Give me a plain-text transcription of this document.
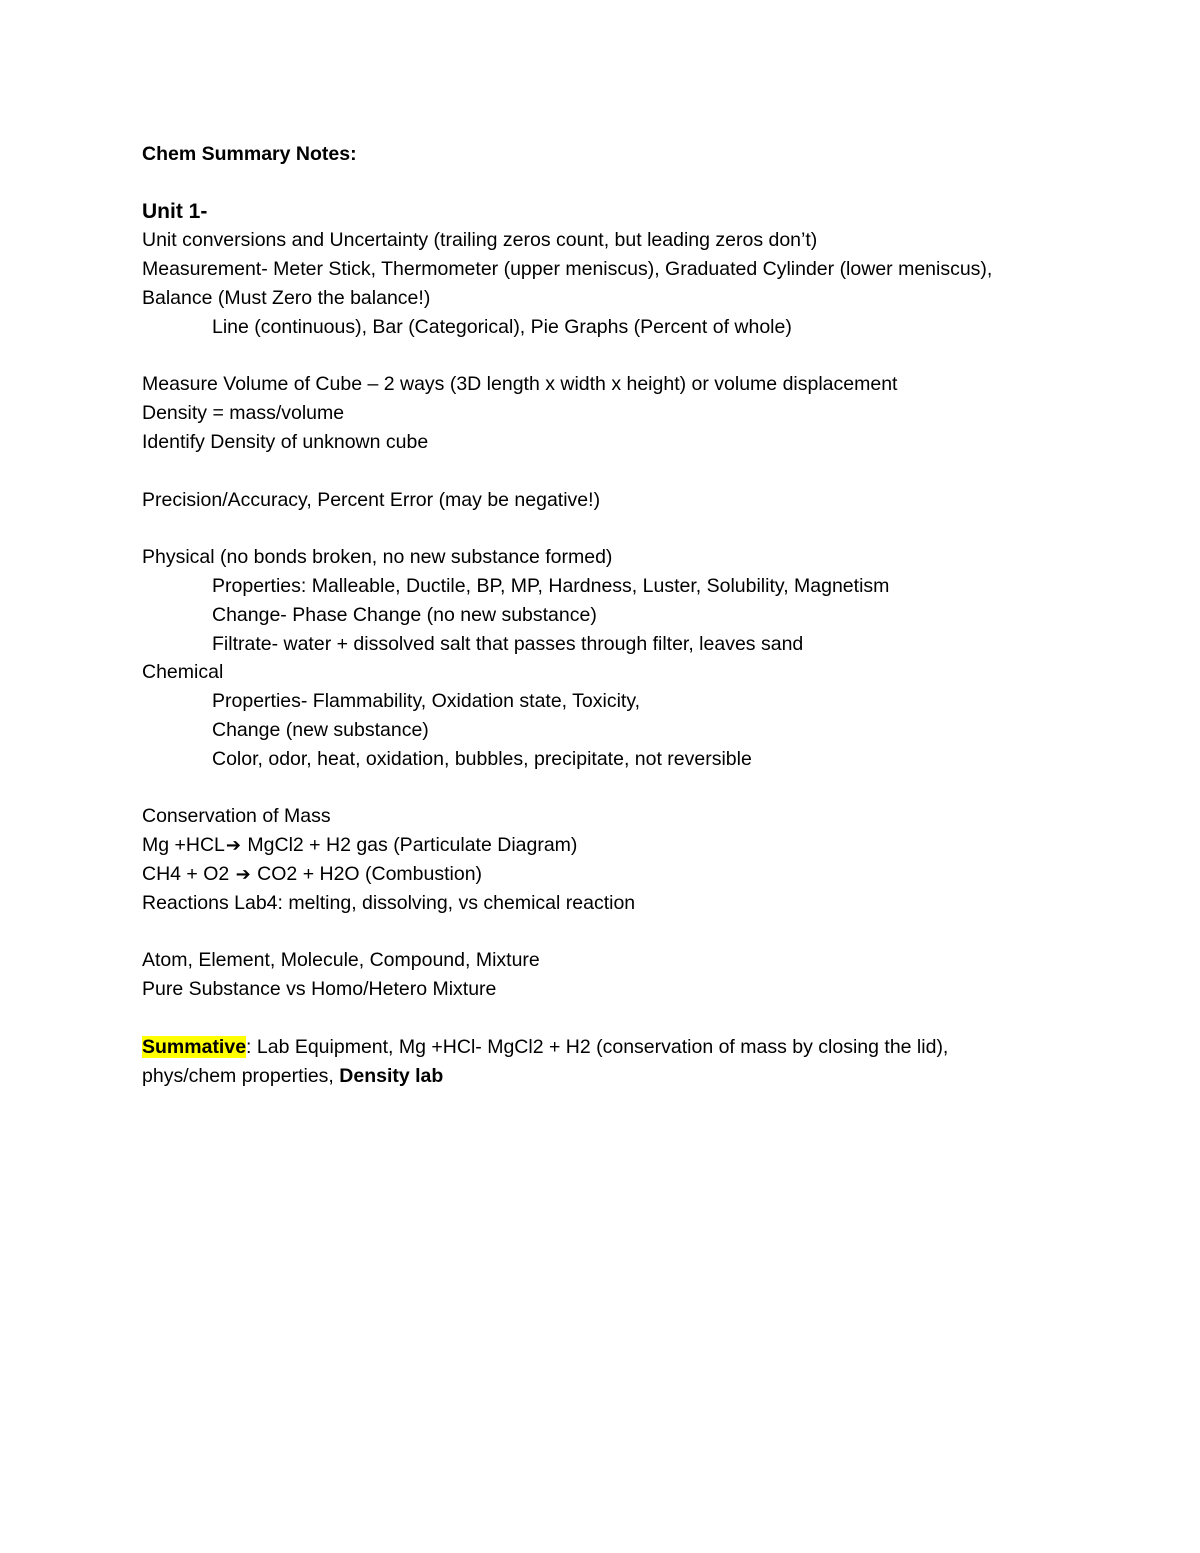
Chem Summary Notes:
Unit 1-
Unit conversions and Uncertainty (trailing zeros count, but leading zeros don’t)
Measurement- Meter Stick, Thermometer (upper meniscus), Graduated Cylinder (lower meniscus), Balance (Must Zero the balance!)
Line (continuous), Bar (Categorical), Pie Graphs (Percent of whole)
Measure Volume of Cube – 2 ways (3D length x width x height) or volume displacement
Density = mass/volume
Identify Density of unknown cube
Precision/Accuracy, Percent Error (may be negative!)
Physical (no bonds broken, no new substance formed)
Properties: Malleable, Ductile, BP, MP, Hardness, Luster, Solubility, Magnetism
Change- Phase Change (no new substance)
Filtrate- water + dissolved salt that passes through filter, leaves sand
Chemical
Properties- Flammability, Oxidation state, Toxicity,
Change (new substance)
Color, odor, heat, oxidation, bubbles, precipitate, not reversible
Conservation of Mass
Mg +HCL➔ MgCl2 + H2 gas (Particulate Diagram)
CH4 + O2 ➔ CO2 + H2O (Combustion)
Reactions Lab4: melting, dissolving, vs chemical reaction
Atom, Element, Molecule, Compound, Mixture
Pure Substance vs Homo/Hetero Mixture
Summative: Lab Equipment, Mg +HCl- MgCl2 + H2 (conservation of mass by closing the lid), phys/chem properties, Density lab
